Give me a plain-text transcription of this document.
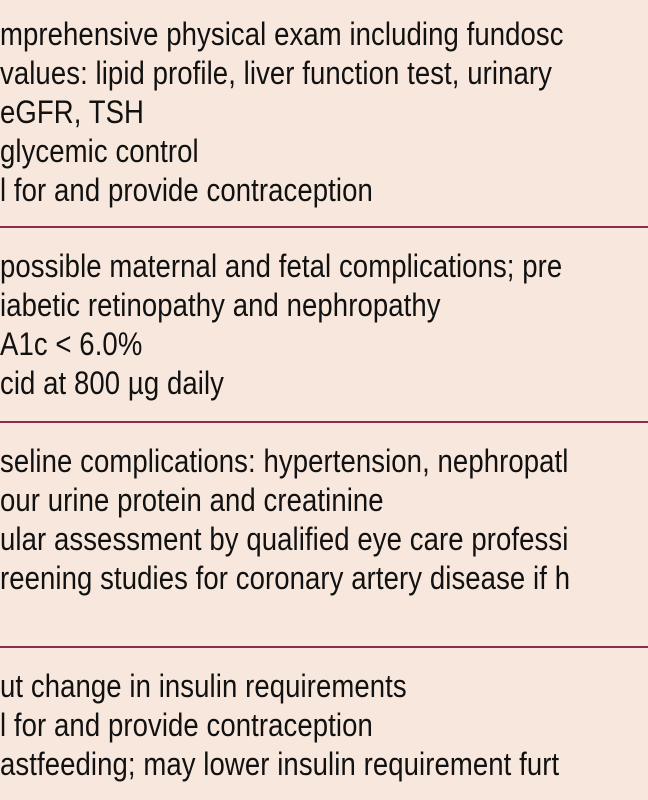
mprehensive physical exam including fundosc
values: lipid profile, liver function test, urinary
eGFR, TSH
glycemic control
l for and provide contraception
possible maternal and fetal complications; pre
iabetic retinopathy and nephropathy
A1c < 6.0%
cid at 800 µg daily
seline complications: hypertension, nephropatl
our urine protein and creatinine
ular assessment by qualified eye care professi
reening studies for coronary artery disease if h
ut change in insulin requirements
l for and provide contraception
astfeeding; may lower insulin requirement furt
